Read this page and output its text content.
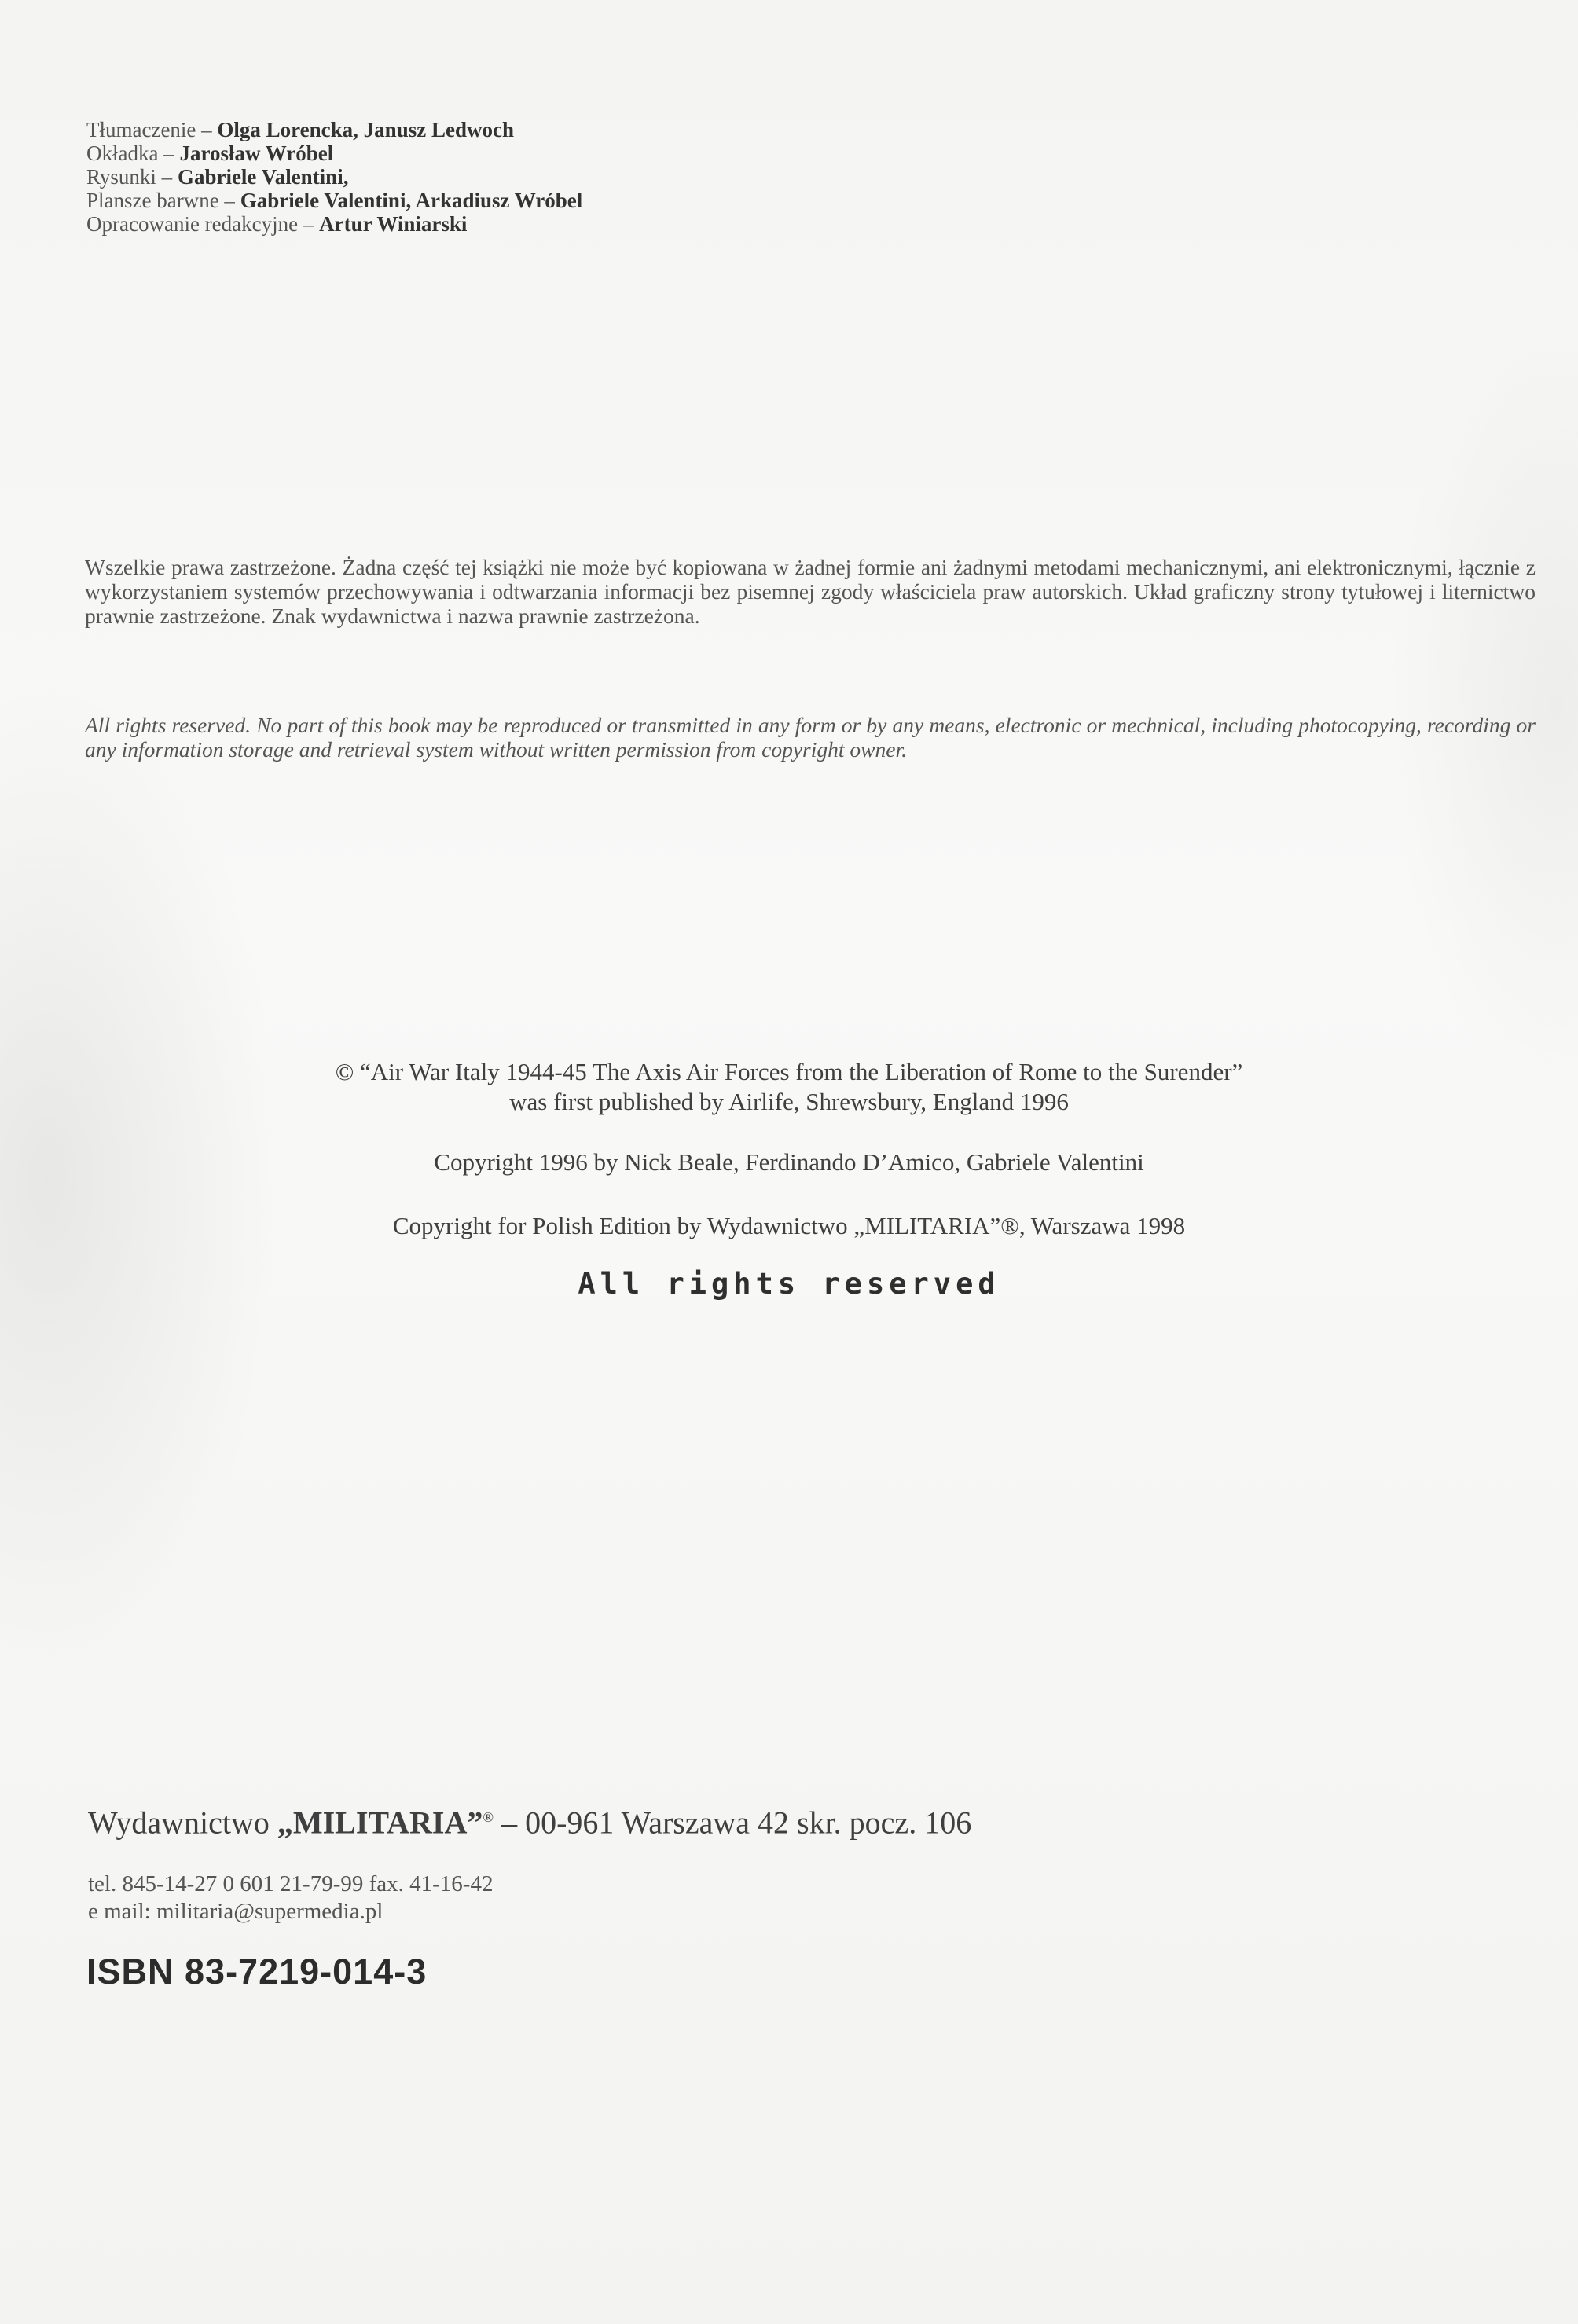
Tłumaczenie – Olga Lorencka, Janusz Ledwoch
Okładka – Jarosław Wróbel
Rysunki – Gabriele Valentini,
Plansze barwne – Gabriele Valentini, Arkadiusz Wróbel
Opracowanie redakcyjne – Artur Winiarski
Wszelkie prawa zastrzeżone. Żadna część tej książki nie może być kopiowana w żadnej formie ani żadnymi metodami mechanicznymi, ani elektronicznymi, łącznie z wykorzystaniem systemów przechowywania i odtwarzania informacji bez pisemnej zgody właściciela praw autorskich. Układ graficzny strony tytułowej i liternictwo prawnie zastrzeżone. Znak wydawnictwa i nazwa prawnie zastrzeżona.
All rights reserved. No part of this book may be reproduced or transmitted in any form or by any means, electronic or mechnical, including photocopying, recording or any information storage and retrieval system without written permission from copyright owner.
© “Air War Italy 1944-45 The Axis Air Forces from the Liberation of Rome to the Surender”
was first published by Airlife, Shrewsbury, England 1996
Copyright 1996 by Nick Beale, Ferdinando D’Amico, Gabriele Valentini
Copyright for Polish Edition by Wydawnictwo „MILITARIA”®, Warszawa 1998
All rights reserved
Wydawnictwo „MILITARIA”® – 00-961 Warszawa 42 skr. pocz. 106
tel. 845-14-27 0 601 21-79-99 fax. 41-16-42
e mail: militaria@supermedia.pl
ISBN 83-7219-014-3
